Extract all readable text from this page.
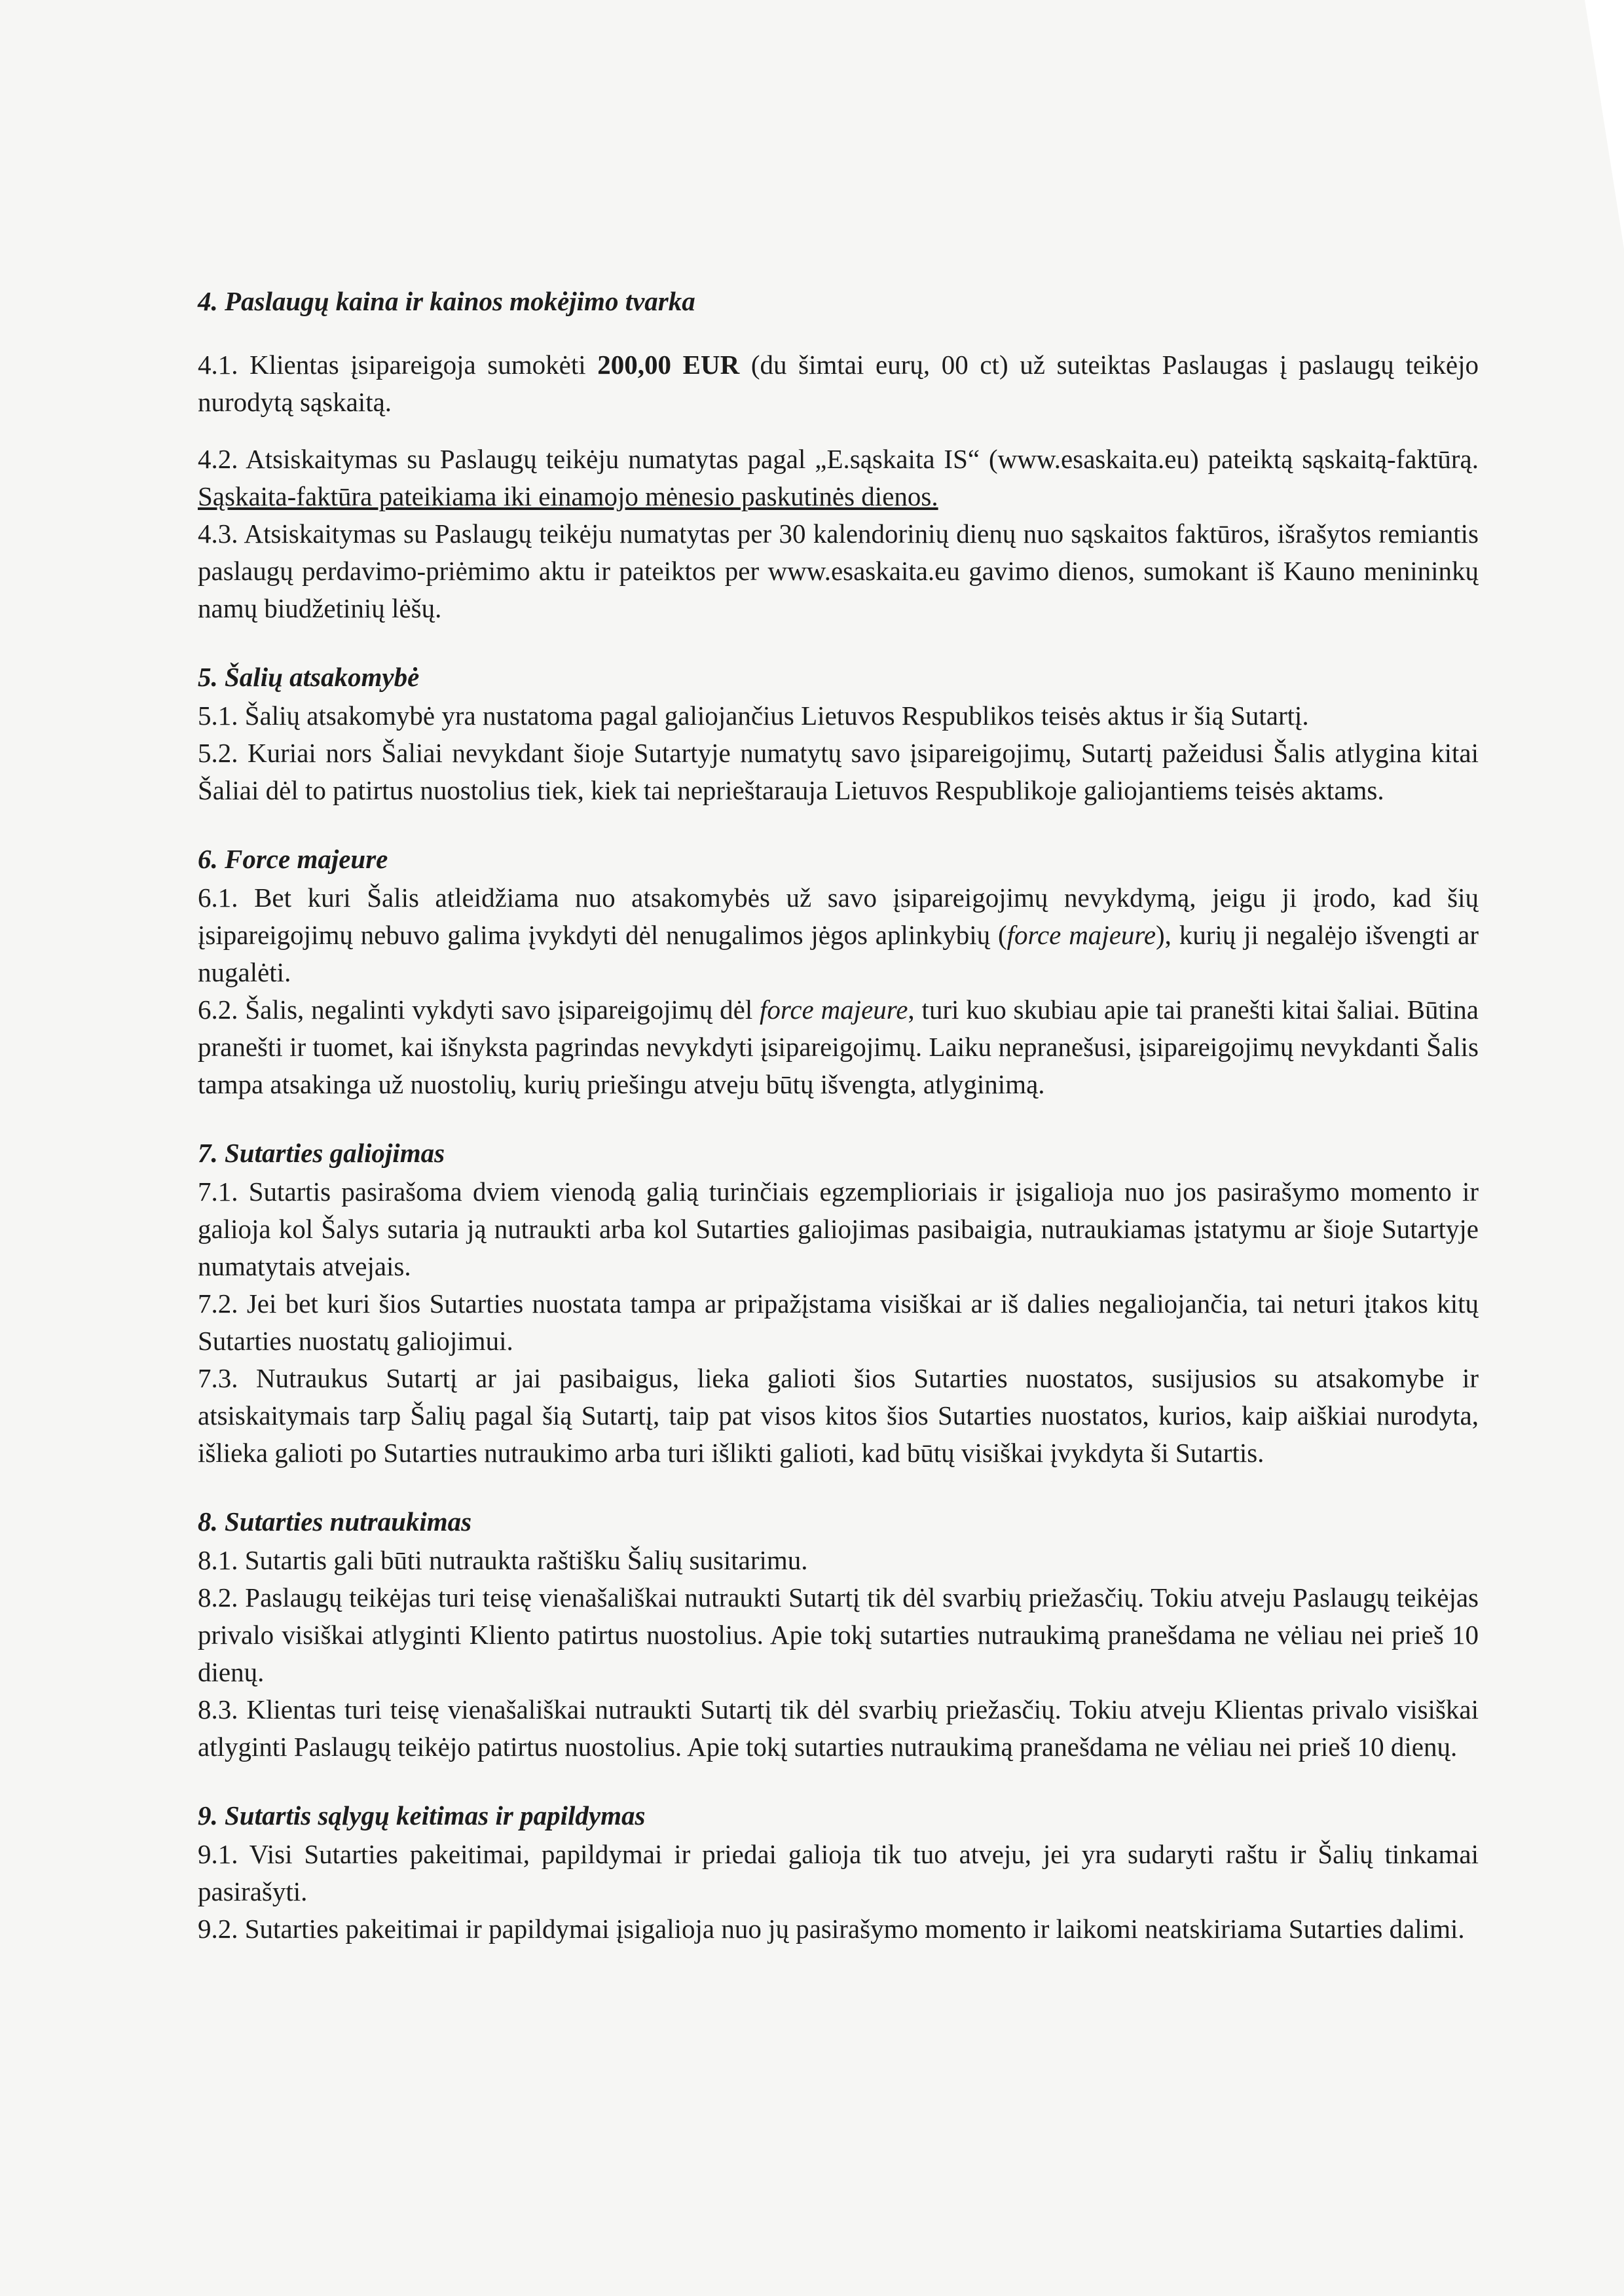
4. Paslaugų kaina ir kainos mokėjimo tvarka

4.1. Klientas įsipareigoja sumokėti 200,00 EUR (du šimtai eurų, 00 ct) už suteiktas Paslaugas į paslaugų teikėjo nurodytą sąskaitą.

4.2. Atsiskaitymas su Paslaugų teikėju numatytas pagal „E.sąskaita IS“ (www.esaskaita.eu) pateiktą sąskaitą-faktūrą. Sąskaita-faktūra pateikiama iki einamojo mėnesio paskutinės dienos.

4.3. Atsiskaitymas su Paslaugų teikėju numatytas per 30 kalendorinių dienų nuo sąskaitos faktūros, išrašytos remiantis paslaugų perdavimo-priėmimo aktu ir pateiktos per www.esaskaita.eu gavimo dienos, sumokant iš Kauno menininkų namų biudžetinių lėšų.

5. Šalių atsakomybė

5.1. Šalių atsakomybė yra nustatoma pagal galiojančius Lietuvos Respublikos teisės aktus ir šią Sutartį.

5.2. Kuriai nors Šaliai nevykdant šioje Sutartyje numatytų savo įsipareigojimų, Sutartį pažeidusi Šalis atlygina kitai Šaliai dėl to patirtus nuostolius tiek, kiek tai neprieštarauja Lietuvos Respublikoje galiojantiems teisės aktams.

6. Force majeure

6.1. Bet kuri Šalis atleidžiama nuo atsakomybės už savo įsipareigojimų nevykdymą, jeigu ji įrodo, kad šių įsipareigojimų nebuvo galima įvykdyti dėl nenugalimos jėgos aplinkybių (force majeure), kurių ji negalėjo išvengti ar nugalėti.

6.2. Šalis, negalinti vykdyti savo įsipareigojimų dėl force majeure, turi kuo skubiau apie tai pranešti kitai šaliai. Būtina pranešti ir tuomet, kai išnyksta pagrindas nevykdyti įsipareigojimų. Laiku nepranešusi, įsipareigojimų nevykdanti Šalis tampa atsakinga už nuostolių, kurių priešingu atveju būtų išvengta, atlyginimą.

7. Sutarties galiojimas

7.1. Sutartis pasirašoma dviem vienodą galią turinčiais egzemplioriais ir įsigalioja nuo jos pasirašymo momento ir galioja kol Šalys sutaria ją nutraukti arba kol Sutarties galiojimas pasibaigia, nutraukiamas įstatymu ar šioje Sutartyje numatytais atvejais.

7.2. Jei bet kuri šios Sutarties nuostata tampa ar pripažįstama visiškai ar iš dalies negaliojančia, tai neturi įtakos kitų Sutarties nuostatų galiojimui.

7.3. Nutraukus Sutartį ar jai pasibaigus, lieka galioti šios Sutarties nuostatos, susijusios su atsakomybe ir atsiskaitymais tarp Šalių pagal šią Sutartį, taip pat visos kitos šios Sutarties nuostatos, kurios, kaip aiškiai nurodyta, išlieka galioti po Sutarties nutraukimo arba turi išlikti galioti, kad būtų visiškai įvykdyta ši Sutartis.

8. Sutarties nutraukimas

8.1. Sutartis gali būti nutraukta raštišku Šalių susitarimu.

8.2. Paslaugų teikėjas turi teisę vienašališkai nutraukti Sutartį tik dėl svarbių priežasčių. Tokiu atveju Paslaugų teikėjas privalo visiškai atlyginti Kliento patirtus nuostolius. Apie tokį sutarties nutraukimą pranešdama ne vėliau nei prieš 10 dienų.

8.3. Klientas turi teisę vienašališkai nutraukti Sutartį tik dėl svarbių priežasčių. Tokiu atveju Klientas privalo visiškai atlyginti Paslaugų teikėjo patirtus nuostolius. Apie tokį sutarties nutraukimą pranešdama ne vėliau nei prieš 10 dienų.

9. Sutartis sąlygų keitimas ir papildymas

9.1. Visi Sutarties pakeitimai, papildymai ir priedai galioja tik tuo atveju, jei yra sudaryti raštu ir Šalių tinkamai pasirašyti.

9.2. Sutarties pakeitimai ir papildymai įsigalioja nuo jų pasirašymo momento ir laikomi neatskiriama Sutarties dalimi.
